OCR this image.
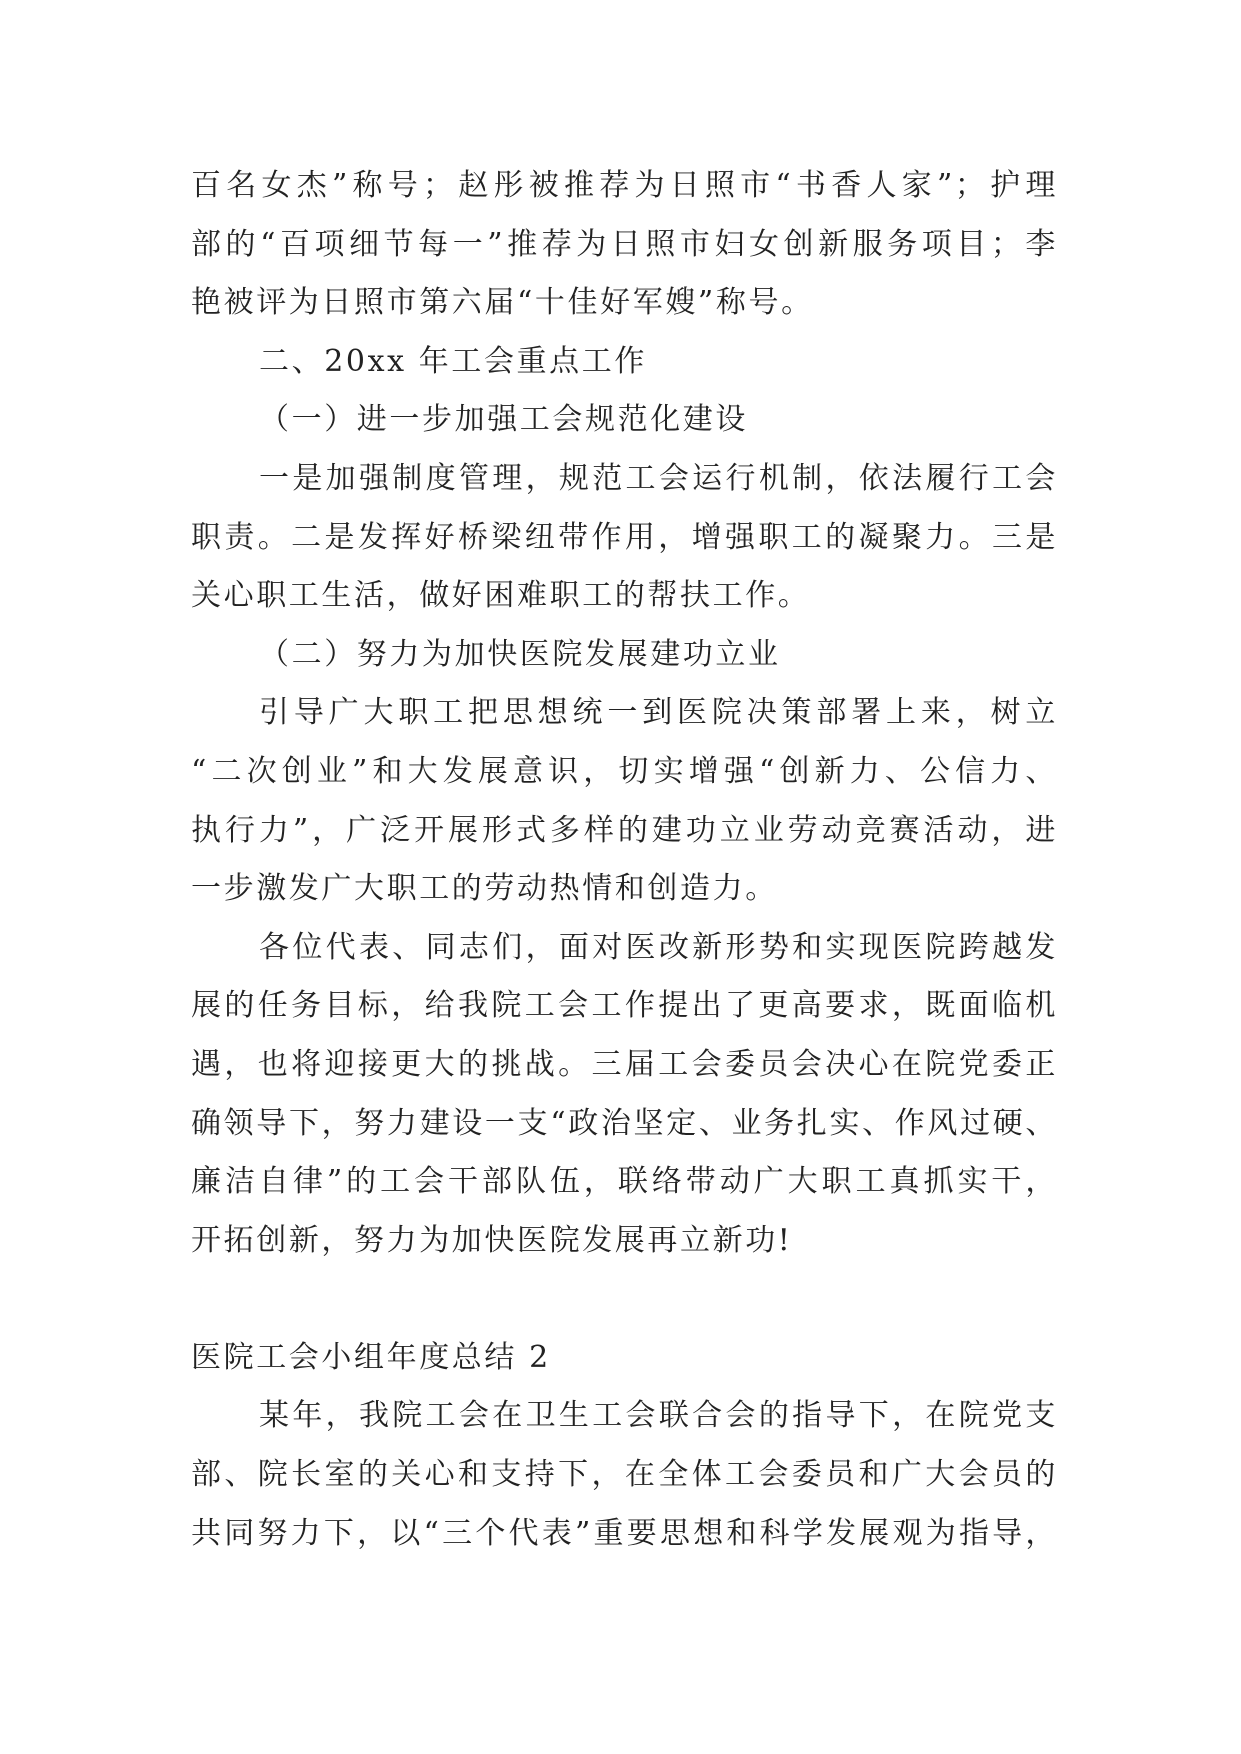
百名女杰”称号；赵彤被推荐为日照市“书香人家”；护理
部的“百项细节每一”推荐为日照市妇女创新服务项目；李
艳被评为日照市第六届“十佳好军嫂”称号。
二、20xx 年工会重点工作
（一）进一步加强工会规范化建设
一是加强制度管理，规范工会运行机制，依法履行工会
职责。二是发挥好桥梁纽带作用，增强职工的凝聚力。三是
关心职工生活，做好困难职工的帮扶工作。
（二）努力为加快医院发展建功立业
引导广大职工把思想统一到医院决策部署上来，树立
“二次创业”和大发展意识，切实增强“创新力、公信力、
执行力”，广泛开展形式多样的建功立业劳动竞赛活动，进
一步激发广大职工的劳动热情和创造力。
各位代表、同志们，面对医改新形势和实现医院跨越发
展的任务目标，给我院工会工作提出了更高要求，既面临机
遇，也将迎接更大的挑战。三届工会委员会决心在院党委正
确领导下，努力建设一支“政治坚定、业务扎实、作风过硬、
廉洁自律”的工会干部队伍，联络带动广大职工真抓实干，
开拓创新，努力为加快医院发展再立新功!
医院工会小组年度总结 2
某年，我院工会在卫生工会联合会的指导下，在院党支
部、院长室的关心和支持下，在全体工会委员和广大会员的
共同努力下，以“三个代表”重要思想和科学发展观为指导，
